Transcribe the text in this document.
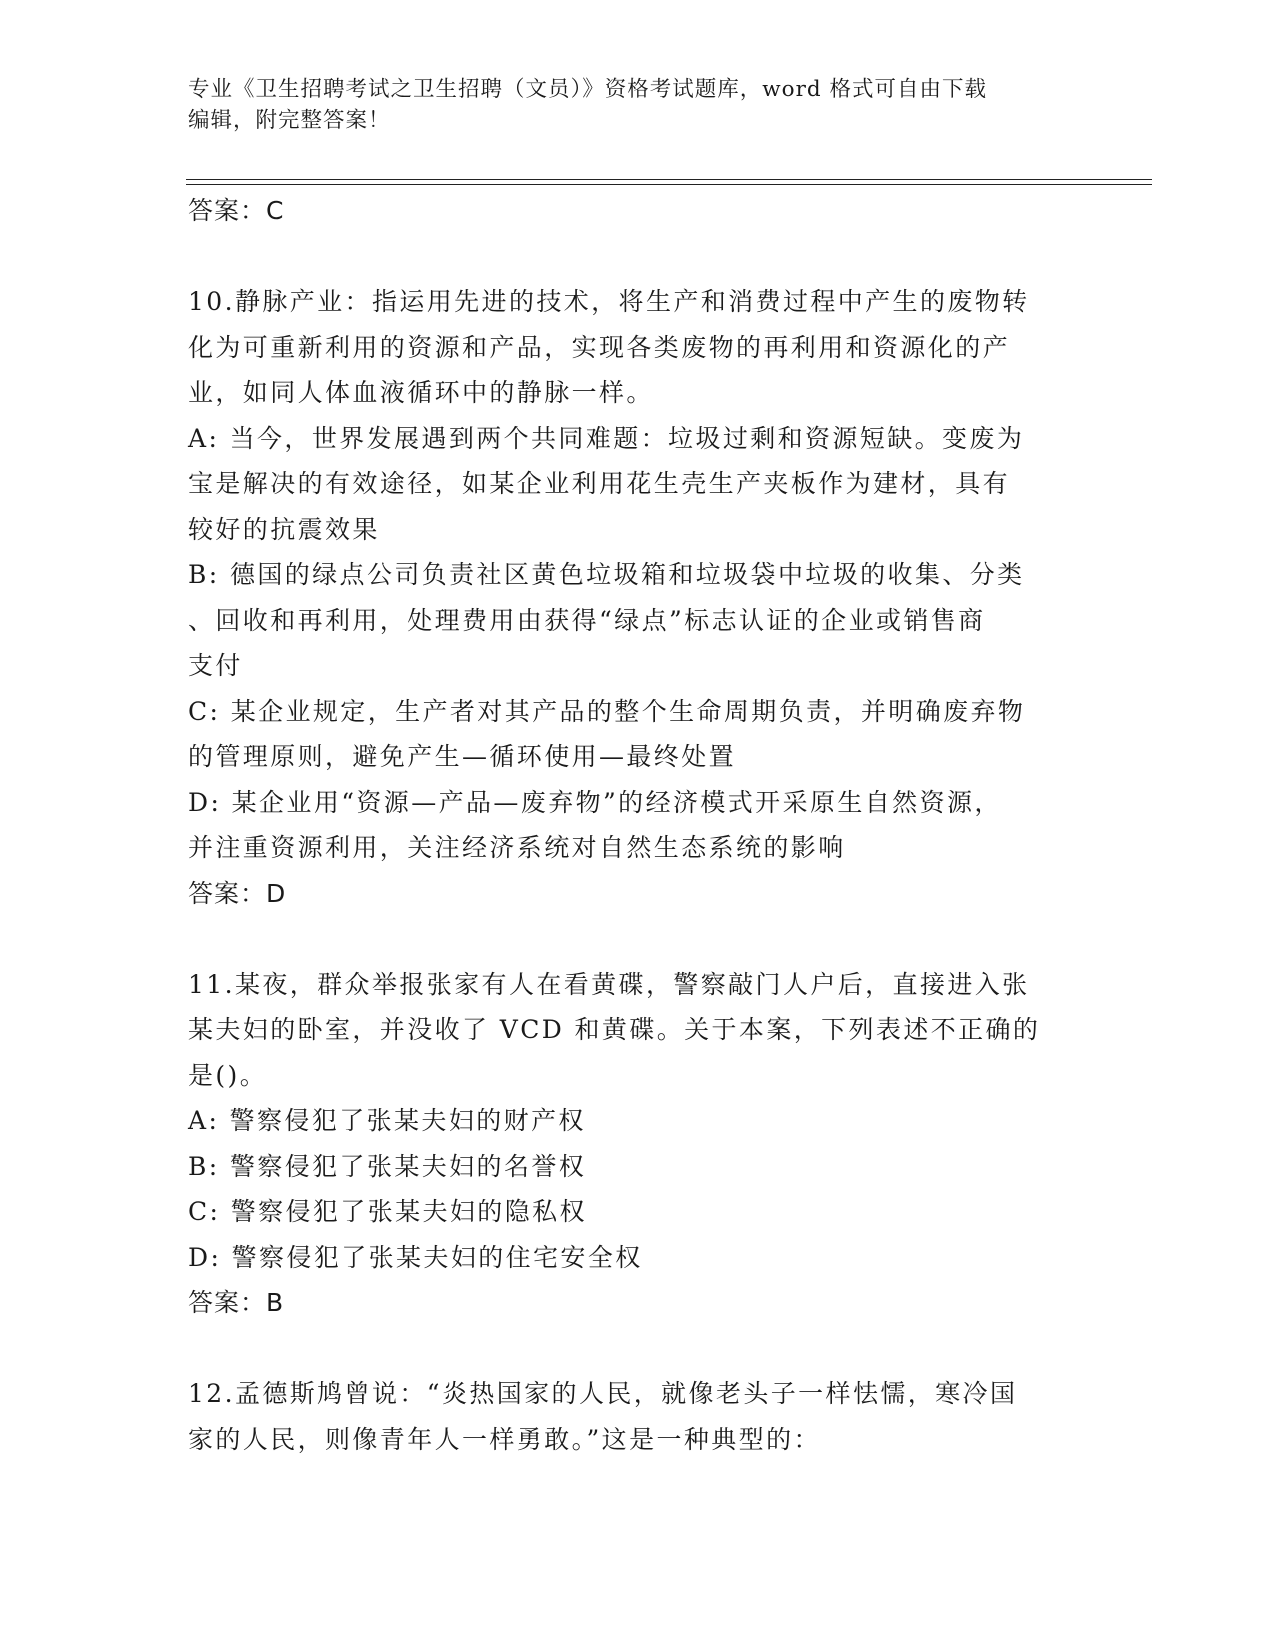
专业《卫生招聘考试之卫生招聘（文员）》资格考试题库，word 格式可自由下载
编辑，附完整答案！

答案：C

10.静脉产业：指运用先进的技术，将生产和消费过程中产生的废物转

化为可重新利用的资源和产品，实现各类废物的再利用和资源化的产

业，如同人体血液循环中的静脉一样。

A: 当今，世界发展遇到两个共同难题：垃圾过剩和资源短缺。变废为

宝是解决的有效途径，如某企业利用花生壳生产夹板作为建材，具有

较好的抗震效果

B: 德国的绿点公司负责社区黄色垃圾箱和垃圾袋中垃圾的收集、分类

、回收和再利用，处理费用由获得“绿点”标志认证的企业或销售商

支付

C: 某企业规定，生产者对其产品的整个生命周期负责，并明确废弃物

的管理原则，避免产生—循环使用—最终处置

D: 某企业用“资源—产品—废弃物”的经济模式开采原生自然资源，

并注重资源利用，关注经济系统对自然生态系统的影响

答案：D

11.某夜，群众举报张家有人在看黄碟，警察敲门人户后，直接进入张

某夫妇的卧室，并没收了 VCD 和黄碟。关于本案，下列表述不正确的

是()。

A: 警察侵犯了张某夫妇的财产权

B: 警察侵犯了张某夫妇的名誉权

C: 警察侵犯了张某夫妇的隐私权

D: 警察侵犯了张某夫妇的住宅安全权

答案：B

12.孟德斯鸠曾说：“炎热国家的人民，就像老头子一样怯懦，寒冷国

家的人民，则像青年人一样勇敢。”这是一种典型的：
